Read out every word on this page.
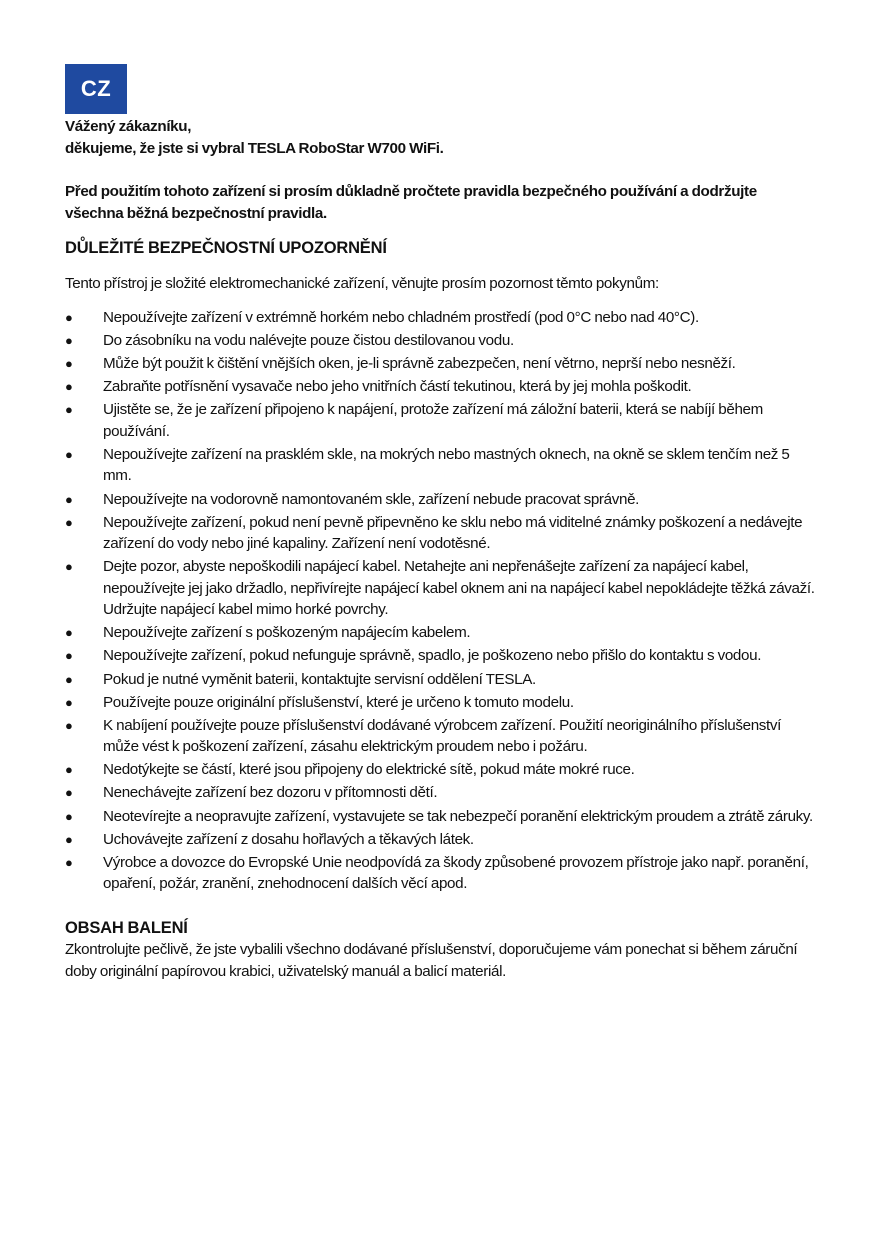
CZ

Vážený zákazníku,

děkujeme, že jste si vybral TESLA RoboStar W700 WiFi.

Před použitím tohoto zařízení si prosím důkladně pročtete pravidla bezpečného používání a dodržujte všechna běžná bezpečnostní pravidla.

DŮLEŽITÉ BEZPEČNOSTNÍ UPOZORNĚNÍ

Tento přístroj je složité elektromechanické zařízení, věnujte prosím pozornost těmto pokynům:

● Nepoužívejte zařízení v extrémně horkém nebo chladném prostředí (pod 0°C nebo nad 40°C).
● Do zásobníku na vodu nalévejte pouze čistou destilovanou vodu.
● Může být použit k čištění vnějších oken, je-li správně zabezpečen, není větrno, neprší nebo nesněží.
● Zabraňte potřísnění vysavače nebo jeho vnitřních částí tekutinou, která by jej mohla poškodit.
● Ujistěte se, že je zařízení připojeno k napájení, protože zařízení má záložní baterii, která se nabíjí během používání.
● Nepoužívejte zařízení na prasklém skle, na mokrých nebo mastných oknech, na okně se sklem tenčím než 5 mm.
● Nepoužívejte na vodorovně namontovaném skle, zařízení nebude pracovat správně.
● Nepoužívejte zařízení, pokud není pevně připevněno ke sklu nebo má viditelné známky poškození a nedávejte zařízení do vody nebo jiné kapaliny. Zařízení není vodotěsné.
● Dejte pozor, abyste nepoškodili napájecí kabel. Netahejte ani nepřenášejte zařízení za napájecí kabel, nepoužívejte jej jako držadlo, nepřivírejte napájecí kabel oknem ani na napájecí kabel nepokládejte těžká závaží. Udržujte napájecí kabel mimo horké povrchy.
● Nepoužívejte zařízení s poškozeným napájecím kabelem.
● Nepoužívejte zařízení, pokud nefunguje správně, spadlo, je poškozeno nebo přišlo do kontaktu s vodou.
● Pokud je nutné vyměnit baterii, kontaktujte servisní oddělení TESLA.
● Používejte pouze originální příslušenství, které je určeno k tomuto modelu.
● K nabíjení používejte pouze příslušenství dodávané výrobcem zařízení. Použití neoriginálního příslušenství může vést k poškození zařízení, zásahu elektrickým proudem nebo i požáru.
● Nedotýkejte se částí, které jsou připojeny do elektrické sítě, pokud máte mokré ruce.
● Nenechávejte zařízení bez dozoru v přítomnosti dětí.
● Neotevírejte a neopravujte zařízení, vystavujete se tak nebezpečí poranění elektrickým proudem a ztrátě záruky.
● Uchovávejte zařízení z dosahu hořlavých a těkavých látek.
● Výrobce a dovozce do Evropské Unie neodpovídá za škody způsobené provozem přístroje jako např. poranění, opaření, požár, zranění, znehodnocení dalších věcí apod.
OBSAH BALENÍ

Zkontrolujte pečlivě, že jste vybalili všechno dodávané příslušenství, doporučujeme vám ponechat si během záruční doby originální papírovou krabici, uživatelský manuál a balicí materiál.
